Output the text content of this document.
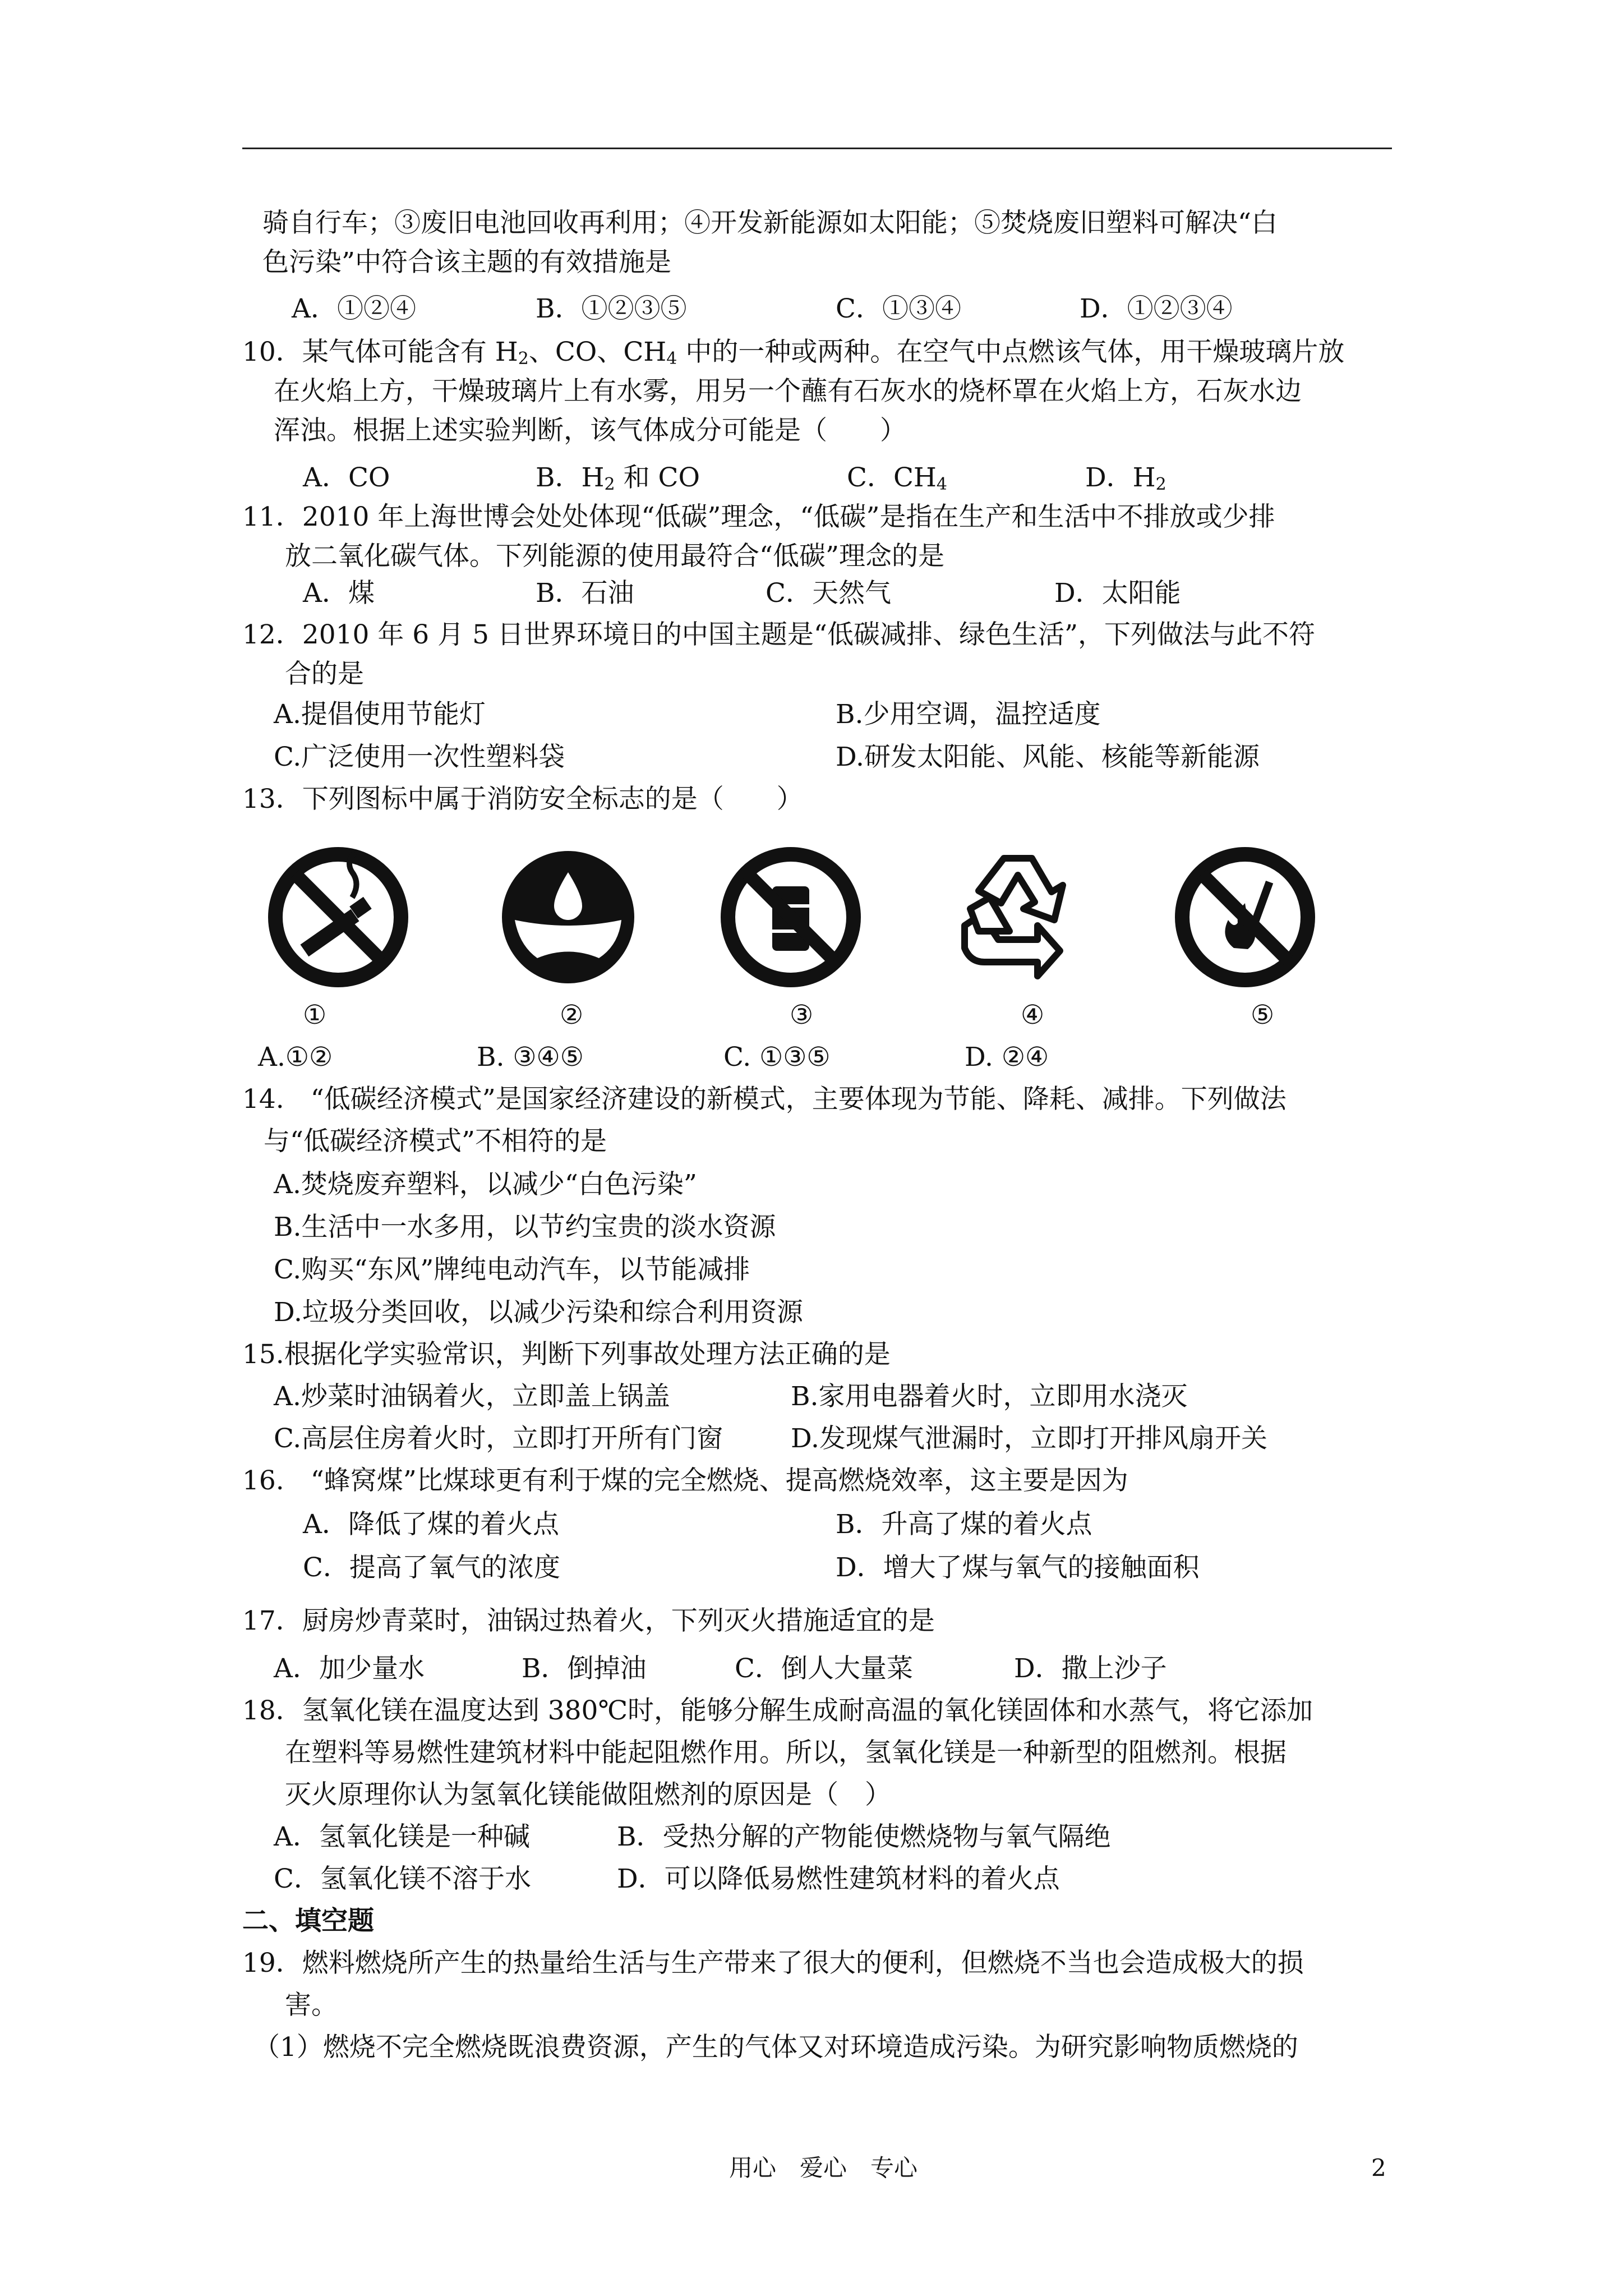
骑自行车；③废旧电池回收再利用；④开发新能源如太阳能；⑤焚烧废旧塑料可解决“白
色污染”中符合该主题的有效措施是
A．①②④	B．①②③⑤	C．①③④	D．①②③④
10．某气体可能含有 $H_2$、CO、$CH_4$ 中的一种或两种。在空气中点燃该气体，用干燥玻璃片放
在火焰上方，干燥玻璃片上有水雾，用另一个蘸有石灰水的烧杯罩在火焰上方，石灰水边
浑浊。根据上述实验判断，该气体成分可能是（　　）
A．CO	B．$H_2$ 和 CO	C．$CH_4$	D．$H_2$
11．2010 年上海世博会处处体现“低碳”理念，“低碳”是指在生产和生活中不排放或少排
放二氧化碳气体。下列能源的使用最符合“低碳”理念的是
A．煤	B．石油	C．天然气	D．太阳能
12．2010 年 6 月 5 日世界环境日的中国主题是“低碳减排、绿色生活”，下列做法与此不符
合的是
A.提倡使用节能灯	B.少用空调，温控适度
C.广泛使用一次性塑料袋	D.研发太阳能、风能、核能等新能源
13．下列图标中属于消防安全标志的是（　　）
①	②	③	④	⑤
A.①②	B. ③④⑤	C. ①③⑤	D. ②④
14.　“低碳经济模式”是国家经济建设的新模式，主要体现为节能、降耗、减排。下列做法
与“低碳经济模式”不相符的是
A.焚烧废弃塑料，以减少“白色污染”
B.生活中一水多用，以节约宝贵的淡水资源
C.购买“东风”牌纯电动汽车，以节能减排
D.垃圾分类回收，以减少污染和综合利用资源
15.根据化学实验常识，判断下列事故处理方法正确的是
A.炒菜时油锅着火，立即盖上锅盖	B.家用电器着火时，立即用水浇灭
C.高层住房着火时，立即打开所有门窗	D.发现煤气泄漏时，立即打开排风扇开关
16.　“蜂窝煤”比煤球更有利于煤的完全燃烧、提高燃烧效率，这主要是因为
A．降低了煤的着火点	B．升高了煤的着火点
C．提高了氧气的浓度	D．增大了煤与氧气的接触面积
17．厨房炒青菜时，油锅过热着火，下列灭火措施适宜的是
A．加少量水	B．倒掉油	C．倒人大量菜	D．撒上沙子
18．氢氧化镁在温度达到 380℃时，能够分解生成耐高温的氧化镁固体和水蒸气，将它添加
在塑料等易燃性建筑材料中能起阻燃作用。所以，氢氧化镁是一种新型的阻燃剂。根据
灭火原理你认为氢氧化镁能做阻燃剂的原因是（　）
A．氢氧化镁是一种碱	B．受热分解的产物能使燃烧物与氧气隔绝
C．氢氧化镁不溶于水	D．可以降低易燃性建筑材料的着火点
二、填空题
19．燃料燃烧所产生的热量给生活与生产带来了很大的便利，但燃烧不当也会造成极大的损
害。
（1）燃烧不完全燃烧既浪费资源，产生的气体又对环境造成污染。为研究影响物质燃烧的
用心　爱心　专心	2
